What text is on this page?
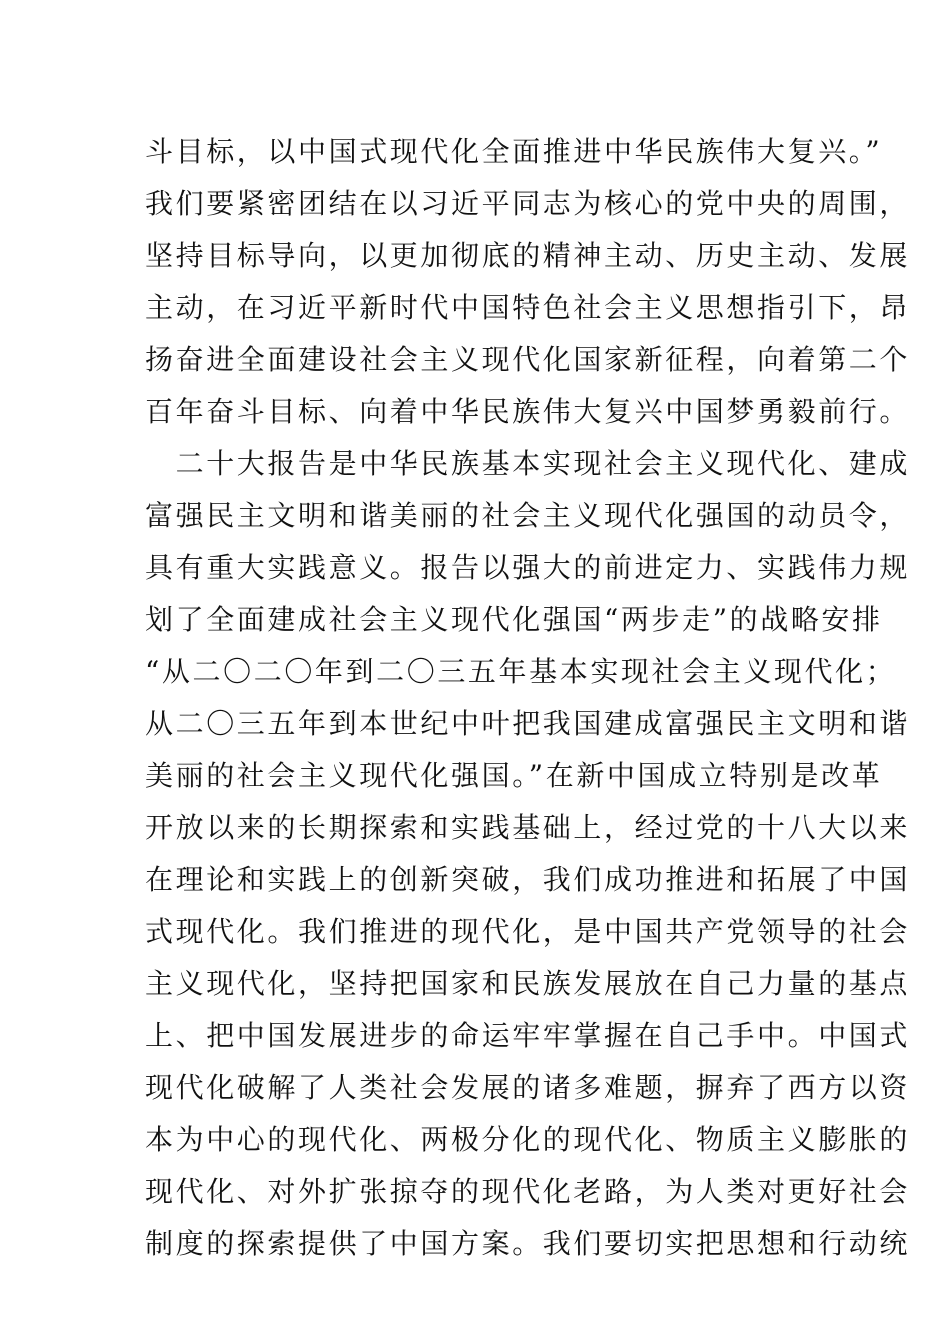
斗目标，以中国式现代化全面推进中华民族伟大复兴。”
我们要紧密团结在以习近平同志为核心的党中央的周围，
坚持目标导向，以更加彻底的精神主动、历史主动、发展
主动，在习近平新时代中国特色社会主义思想指引下，昂
扬奋进全面建设社会主义现代化国家新征程，向着第二个
百年奋斗目标、向着中华民族伟大复兴中国梦勇毅前行。
　二十大报告是中华民族基本实现社会主义现代化、建成
富强民主文明和谐美丽的社会主义现代化强国的动员令，
具有重大实践意义。报告以强大的前进定力、实践伟力规
划了全面建成社会主义现代化强国“两步走”的战略安排
“从二〇二〇年到二〇三五年基本实现社会主义现代化；
从二〇三五年到本世纪中叶把我国建成富强民主文明和谐
美丽的社会主义现代化强国。”在新中国成立特别是改革
开放以来的长期探索和实践基础上，经过党的十八大以来
在理论和实践上的创新突破，我们成功推进和拓展了中国
式现代化。我们推进的现代化，是中国共产党领导的社会
主义现代化，坚持把国家和民族发展放在自己力量的基点
上、把中国发展进步的命运牢牢掌握在自己手中。中国式
现代化破解了人类社会发展的诸多难题，摒弃了西方以资
本为中心的现代化、两极分化的现代化、物质主义膨胀的
现代化、对外扩张掠夺的现代化老路，为人类对更好社会
制度的探索提供了中国方案。我们要切实把思想和行动统
